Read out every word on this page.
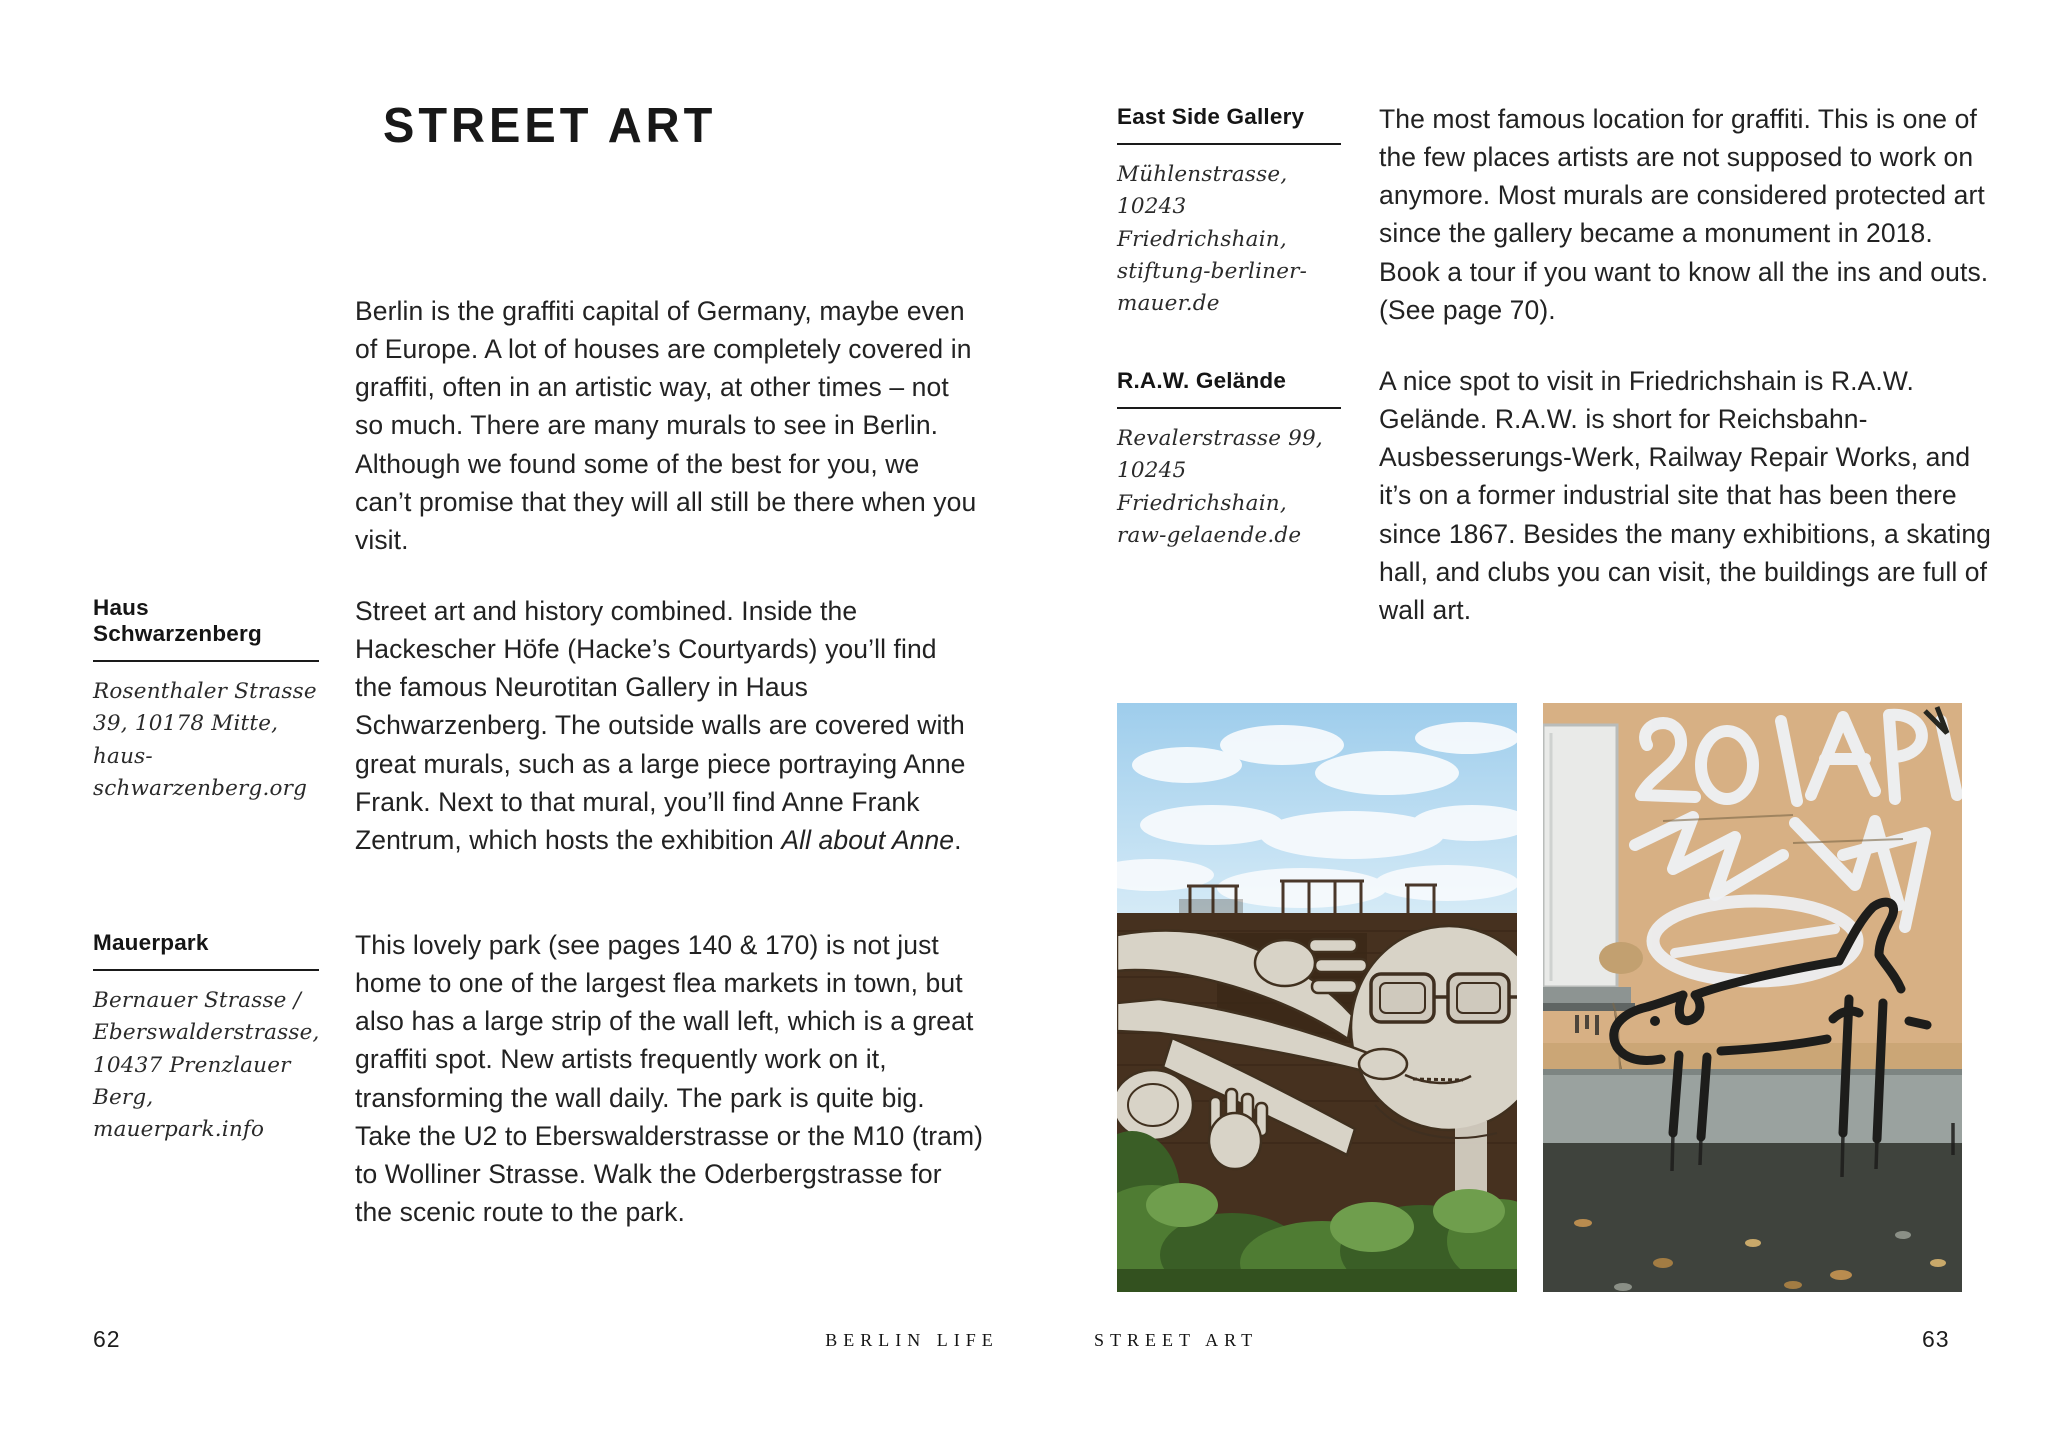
STREET ART

Berlin is the graffiti capital of Germany, maybe even of Europe. A lot of houses are completely covered in graffiti, often in an artistic way, at other times – not so much. There are many murals to see in Berlin. Although we found some of the best for you, we can’t promise that they will all still be there when you visit.

Haus Schwarzenberg

Rosenthaler Strasse 39, 10178 Mitte, haus-schwarzenberg.org

Street art and history combined. Inside the Hackescher Höfe (Hacke’s Courtyards) you’ll find the famous Neurotitan Gallery in Haus Schwarzenberg. The outside walls are covered with great murals, such as a large piece portraying Anne Frank. Next to that mural, you’ll find Anne Frank Zentrum, which hosts the exhibition All about Anne.

Mauerpark

Bernauer Strasse / Eberswalderstrasse, 10437 Prenzlauer Berg, mauerpark.info

This lovely park (see pages 140 & 170) is not just home to one of the largest flea markets in town, but also has a large strip of the wall left, which is a great graffiti spot. New artists frequently work on it, transforming the wall daily. The park is quite big. Take the U2 to Eberswalderstrasse or the M10 (tram) to Wolliner Strasse. Walk the Oderbergstrasse for the scenic route to the park.

East Side Gallery

Mühlenstrasse, 10243 Friedrichshain, stiftung-berliner-mauer.de

The most famous location for graffiti. This is one of the few places artists are not supposed to work on anymore. Most murals are considered protected art since the gallery became a monument in 2018. Book a tour if you want to know all the ins and outs. (See page 70).

R.A.W. Gelände

Revalerstrasse 99, 10245 Friedrichshain, raw-gelaende.de

A nice spot to visit in Friedrichshain is R.A.W. Gelände. R.A.W. is short for Reichsbahn-Ausbesserungs-Werk, Railway Repair Works, and it’s on a former industrial site that has been there since 1867. Besides the many exhibitions, a skating hall, and clubs you can visit, the buildings are full of wall art.

62	BERLIN LIFE	STREET ART	63
